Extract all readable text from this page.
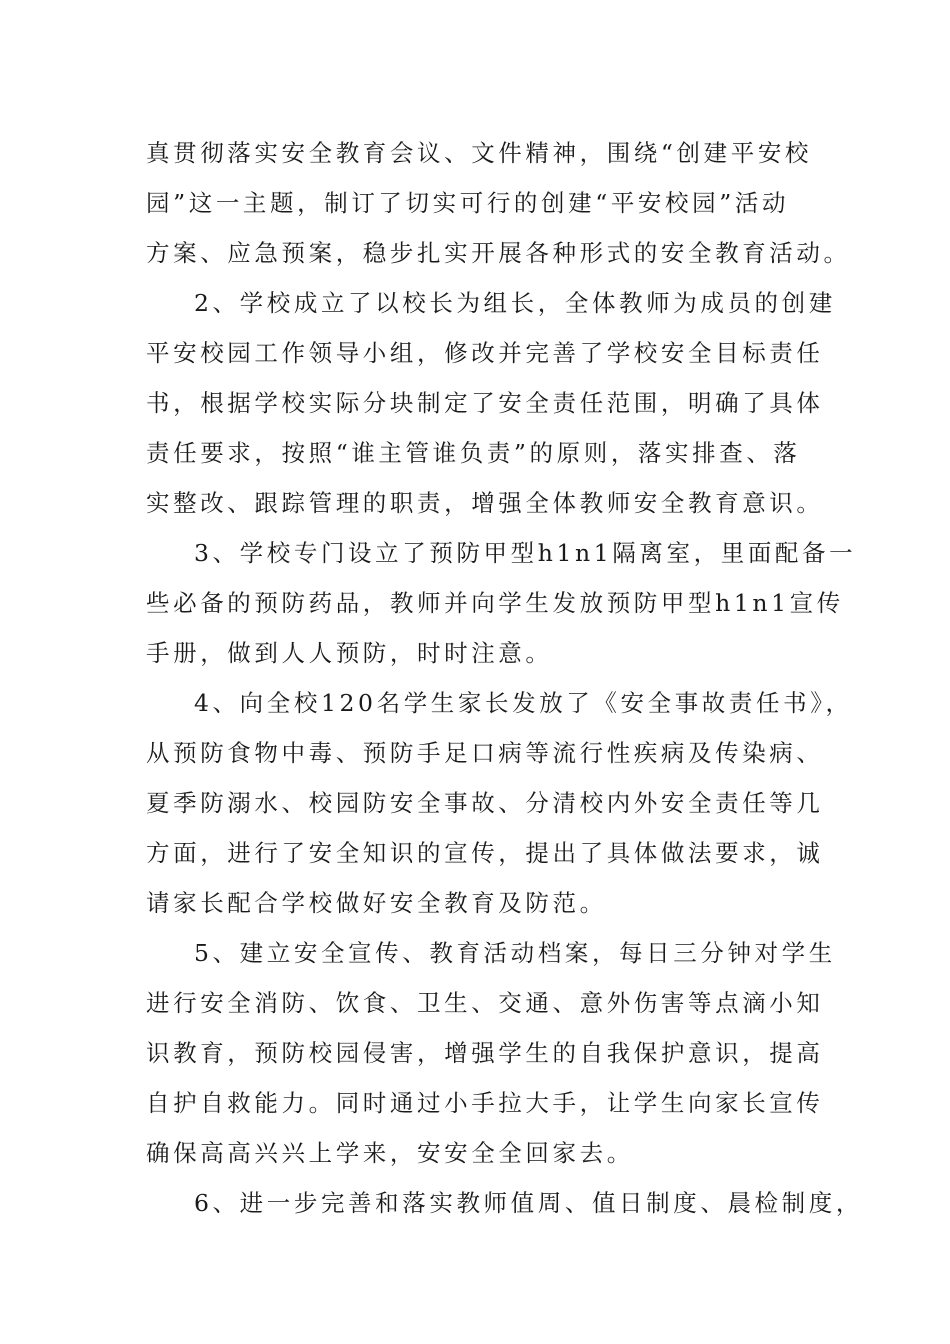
真贯彻落实安全教育会议、文件精神，围绕“创建平安校
园”这一主题，制订了切实可行的创建“平安校园”活动
方案、应急预案，稳步扎实开展各种形式的安全教育活动。
2、学校成立了以校长为组长，全体教师为成员的创建
平安校园工作领导小组，修改并完善了学校安全目标责任
书，根据学校实际分块制定了安全责任范围，明确了具体
责任要求，按照“谁主管谁负责”的原则，落实排查、落
实整改、跟踪管理的职责，增强全体教师安全教育意识。
3、学校专门设立了预防甲型h1n1隔离室，里面配备一
些必备的预防药品，教师并向学生发放预防甲型h1n1宣传
手册，做到人人预防，时时注意。
4、向全校120名学生家长发放了《安全事故责任书》，
从预防食物中毒、预防手足口病等流行性疾病及传染病、
夏季防溺水、校园防安全事故、分清校内外安全责任等几
方面，进行了安全知识的宣传，提出了具体做法要求，诚
请家长配合学校做好安全教育及防范。
5、建立安全宣传、教育活动档案，每日三分钟对学生
进行安全消防、饮食、卫生、交通、意外伤害等点滴小知
识教育，预防校园侵害，增强学生的自我保护意识，提高
自护自救能力。同时通过小手拉大手，让学生向家长宣传
确保高高兴兴上学来，安安全全回家去。
6、进一步完善和落实教师值周、值日制度、晨检制度，
